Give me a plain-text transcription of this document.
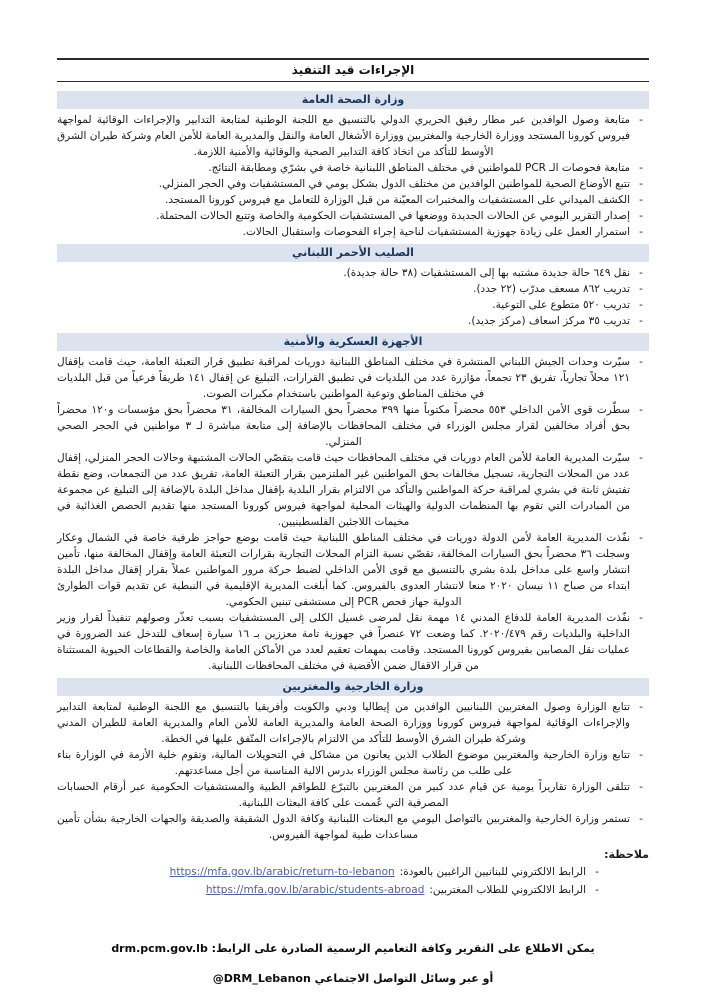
الإجراءات قيد التنفيذ
وزارة الصحة العامة
-
متابعة وصول الوافدين عبر مطار رفيق الحريري الدولي بالتنسيق مع اللجنة الوطنية لمتابعة التدابير والإجراءات الوقائية لمواجهة فيروس كورونا المستجد ووزارة الخارجية والمغتربين ووزارة الأشغال العامة والنقل والمديرية العامة للأمن العام وشركة طيران الشرق الأوسط للتأكد من اتخاذ كافة التدابير الصحية والوقائية والأمنية اللازمة.
-
متابعة فحوصات الـ PCR للمواطنين في مختلف المناطق اللبنانية خاصة في بشرّي ومطابقة النتائج.
-
تتبع الأوضاع الصحية للمواطنين الوافدين من مختلف الدول بشكل يومي في المستشفيات وفي الحجر المنزلي.
-
الكشف الميداني على المستشفيات والمختبرات المعيّنة من قبل الوزارة للتعامل مع فيروس كورونا المستجد.
-
إصدار التقرير اليومي عن الحالات الجديدة ووضعها في المستشفيات الحكومية والخاصة وتتبع الحالات المحتملة.
-
استمرار العمل على زيادة جهوزية المستشفيات لناحية إجراء الفحوصات واستقبال الحالات.
الصليب الأحمر اللبناني
-
نقل ٦٤٩ حالة جديدة مشتبه بها إلى المستشفيات (٣٨ حالة جديدة).
-
تدريب ٨٦٢ مسعف مدرّب (٢٢ جدد).
-
تدريب ٥٢٠ متطوع على التوعية.
-
تدريب ٣٥ مركز اسعاف (مركز جديد).
الأجهزة العسكرية والأمنية
-
سيّرت وحدات الجيش اللبناني المنتشرة في مختلف المناطق اللبنانية دوريات لمراقبة تطبيق قرار التعبئة العامة، حيث قامت بإقفال ١٢١ محلاً تجارياً، تفريق ٢٣ تجمعاً، مؤازرة عدد من البلديات في تطبيق القرارات، التبليغ عن إقفال ١٤١ طريقاً فرعياً من قبل البلديات في مختلف المناطق وتوعية المواطنين باستخدام مكبرات الصوت.
-
سطّرت قوى الأمن الداخلي ٥٥٣ محضراً مكتوباً منها ٣٩٩ محضراً بحق السيارات المخالفة، ٣١ محضراً بحق مؤسسات و١٢٠ محضراً بحق أفراد مخالفين لقرار مجلس الوزراء في مختلف المحافظات بالإضافة إلى متابعة مباشرة لـ ٣ مواطنين في الحجر الصحي المنزلي.
-
سيّرت المديرية العامة للأمن العام دوريات في مختلف المحافظات حيث قامت بتقصّي الحالات المشتبهة وحالات الحجر المنزلي، إقفال عدد من المحلات التجارية، تسجيل مخالفات بحق المواطنين غير الملتزمين بقرار التعبئة العامة، تفريق عدد من التجمعات، وضع نقطة تفتيش ثابتة في بشري لمراقبة حركة المواطنين والتأكد من الالتزام بقرار البلدية بإقفال مداخل البلدة بالإضافة إلى التبليغ عن مجموعة من المبادرات التي تقوم بها المنظمات الدولية والهيئات المحلية لمواجهة فيروس كورونا المستجد منها تقديم الحصص الغذائية في مخيمات اللاجئين الفلسطينيين.
-
نفّذت المديرية العامة لأمن الدولة دوريات في مختلف المناطق اللبنانية حيث قامت بوضع حواجز ظرفية خاصة في الشمال وعكار وسجلت ٣٦ محضراً بحق السيارات المخالفة، تقصّي نسبة التزام المحلات التجارية بقرارات التعبئة العامة وإقفال المخالفة منها، تأمين انتشار واسع على مداخل بلدة بشري بالتنسيق مع قوى الأمن الداخلي لضبط حركة مرور المواطنين عملاً بقرار إقفال مداخل البلدة ابتداء من صباح ١١ نيسان ٢٠٢٠ منعا لانتشار العدوى بالفيروس. كما أبلغت المديرية الإقليمية في النبطية عن تقديم قوات الطوارئ الدولية جهاز فحص PCR إلى مستشفى تبنين الحكومي.
-
نفّذت المديرية العامة للدفاع المدني ١٤ مهمة نقل لمرضى غسيل الكلى إلى المستشفيات بسبب تعذّر وصولهم تنفيذاً لقرار وزير الداخلية والبلديات رقم ٢٠٢٠/٤٧٩. كما وضعت ٧٢ عنصراً في جهوزية تامة معززين بـ ١٦ سيارة إسعاف للتدخل عند الضرورة في عمليات نقل المصابين بفيروس كورونا المستجد. وقامت بمهمات تعقيم لعدد من الأماكن العامة والخاصة والقطاعات الحيوية المستثناة من قرار الاقفال ضمن الأقضية في مختلف المحافظات اللبنانية.
وزارة الخارجية والمغتربين
-
تتابع الوزارة وصول المغتربين اللبنانيين الوافدين من إيطاليا ودبي والكويت وأفريقيا بالتنسيق مع اللجنة الوطنية لمتابعة التدابير والإجراءات الوقائية لمواجهة فيروس كورونا ووزارة الصحة العامة والمديرية العامة للأمن العام والمديرية العامة للطيران المدني وشركة طيران الشرق الأوسط للتأكد من الالتزام بالإجراءات المتّفق عليها في الخطة.
-
تتابع وزارة الخارجية والمغتربين موضوع الطلاب الذين يعانون من مشاكل في التحويلات المالية، وتقوم خلية الأزمة في الوزارة بناء على طلب من رئاسة مجلس الوزراء بدرس الالية المناسبة من أجل مساعدتهم.
-
تتلقى الوزارة تقاريراً يومية عن قيام عدد كبير من المغتربين بالتبرّع للطواقم الطبية والمستشفيات الحكومية عبر أرقام الحسابات المصرفية التي عُممت على كافة البعثات اللبنانية.
-
تستمر وزارة الخارجية والمغتربين بالتواصل اليومي مع البعثات اللبنانية وكافة الدول الشقيقة والصديقة والجهات الخارجية بشأن تأمين مساعدات طبية لمواجهة الفيروس.
ملاحظة:
-
الرابط الالكتروني للبنانيين الراغبين بالعودة:
https://mfa.gov.lb/arabic/return-to-lebanon
-
الرابط الالكتروني للطلاب المغتربين:
https://mfa.gov.lb/arabic/students-abroad
يمكن الاطلاع على التقرير وكافة التعاميم الرسمية الصادرة على الرابط: drm.pcm.gov.lb
أو عبر وسائل التواصل الاجتماعي @DRM_Lebanon
